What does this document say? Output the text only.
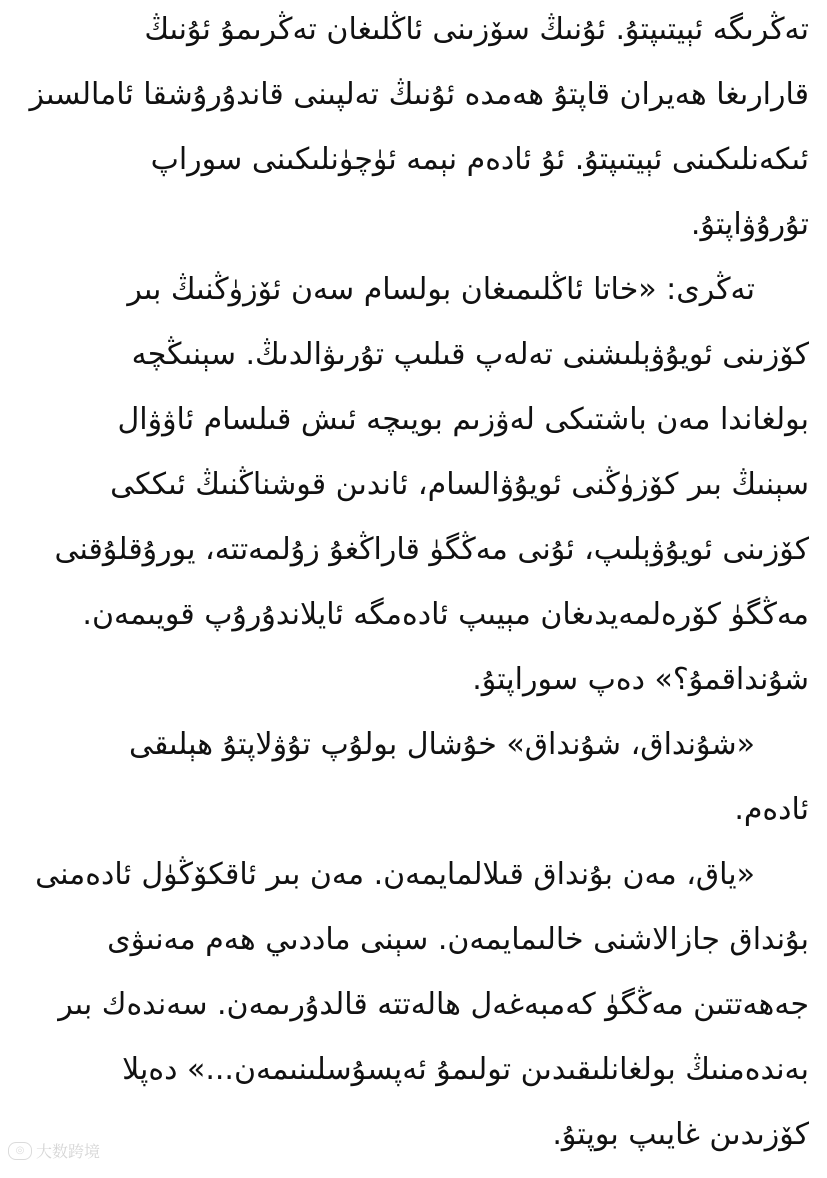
تەڭرىگە ئېيتىپتۇ. ئۇنىڭ سۆزىنى ئاڭلىغان تەڭرىمۇ ئۇنىڭ
قارارىغا ھەيران قاپتۇ ھەمدە ئۇنىڭ تەلپىنى قاندۇرۇشقا ئامالسىز
ئىكەنلىكىنى ئېيتىپتۇ. ئۇ ئادەم نېمە ئۈچۈنلىكىنى سوراپ
تۇرۇۋاپتۇ.
تەڭرى: «خاتا ئاڭلىمىغان بولسام سەن ئۆزۈڭنىڭ بىر
كۆزىنى ئويۇۋېلىشنى تەلەپ قىلىپ تۇرىۋالدىڭ. سېنىڭچە
بولغاندا مەن باشتىكى لەۋزىم بويىچە ئىش قىلسام ئاۋۋال
سېنىڭ بىر كۆزۈڭنى ئويۇۋالسام، ئاندىن قوشناڭنىڭ ئىككى
كۆزىنى ئويۇۋېلىپ، ئۇنى مەڭگۈ قاراڭغۇ زۇلمەتتە، يورۇقلۇقنى
مەڭگۈ كۆرەلمەيدىغان مېيىپ ئادەمگە ئايلاندۇرۇپ قويىمەن.
شۇنداقمۇ؟» دەپ سوراپتۇ.
«شۇنداق، شۇنداق» خۇشال بولۇپ تۇۋلاپتۇ ھېلىقى
ئادەم.
«ياق، مەن بۇنداق قىلالمايمەن. مەن بىر ئاقكۆڭۈل ئادەمنى
بۇنداق جازالاشنى خالىمايمەن. سېنى ماددىي ھەم مەنىۋى
جەھەتتىن مەڭگۈ كەمبەغەل ھالەتتە قالدۇرىمەن. سەندەك بىر
بەندەمنىڭ بولغانلىقىدىن تولىمۇ ئەپسۇسلىنىمەن...» دەپلا
كۆزىدىن غايىپ بوپتۇ.
◎ 大数跨境
